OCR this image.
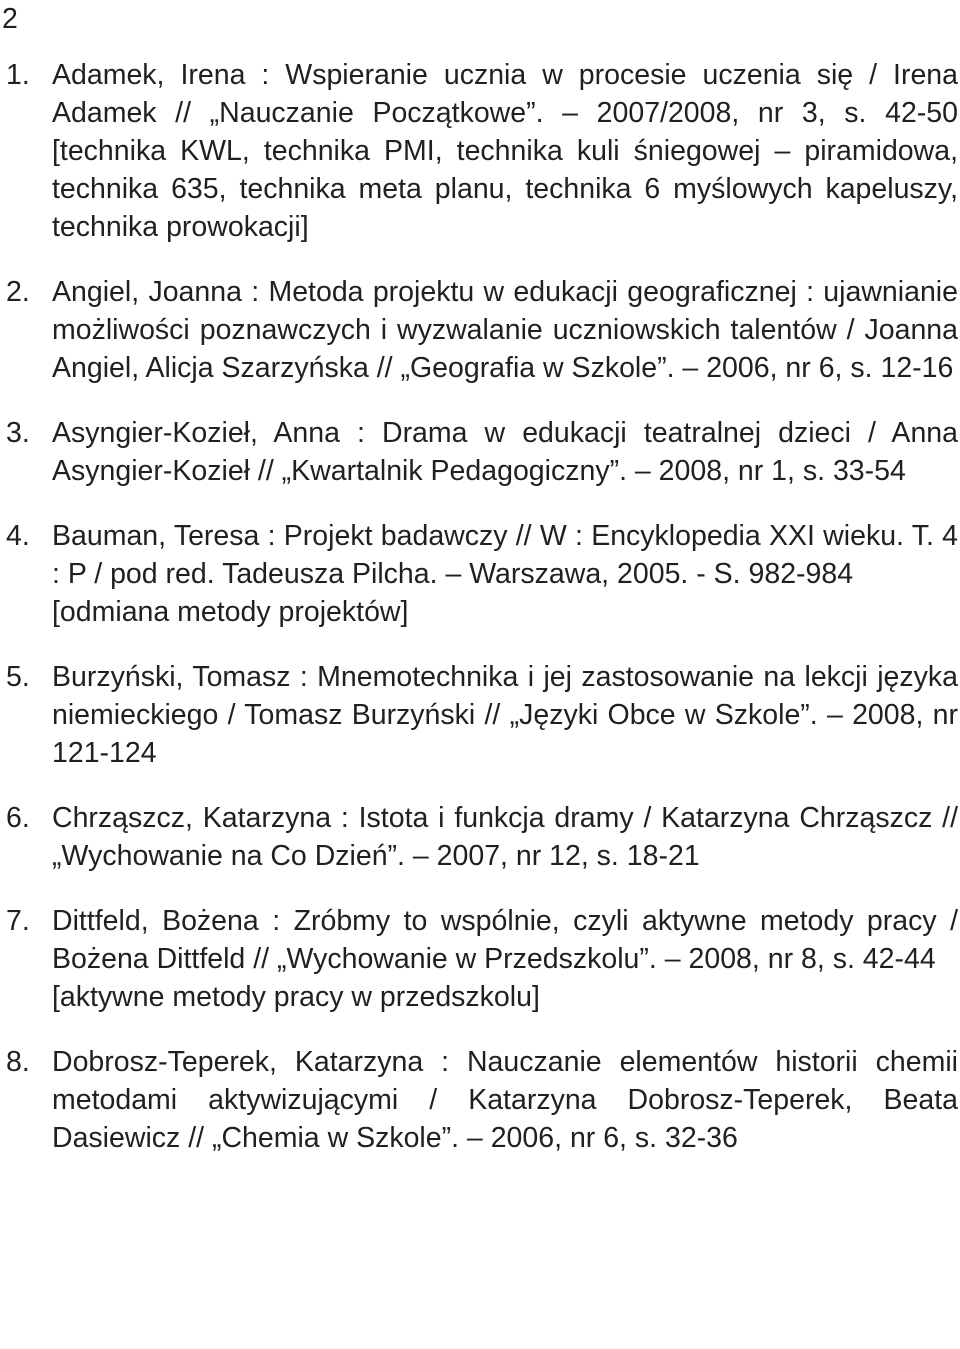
2
1. Adamek, Irena : Wspieranie ucznia w procesie uczenia się / Irena Adamek // „Nauczanie Początkowe”. – 2007/2008, nr 3, s. 42-50 [technika KWL, technika PMI, technika kuli śniegowej – piramidowa, technika 635, technika meta planu, technika 6 myślowych kapeluszy, technika prowokacji]
2. Angiel, Joanna : Metoda projektu w edukacji geograficznej : ujawnianie możliwości poznawczych i wyzwalanie uczniowskich talentów / Joanna Angiel, Alicja Szarzyńska // „Geografia w Szkole”. – 2006, nr 6, s. 12-16
3. Asyngier-Kozieł, Anna : Drama w edukacji teatralnej dzieci / Anna Asyngier-Kozieł // „Kwartalnik Pedagogiczny”. – 2008, nr 1, s. 33-54
4. Bauman, Teresa : Projekt badawczy // W : Encyklopedia XXI wieku. T. 4 : P / pod red. Tadeusza Pilcha. – Warszawa, 2005. - S. 982-984
[odmiana metody projektów]
5. Burzyński, Tomasz : Mnemotechnika i jej zastosowanie na lekcji języka niemieckiego / Tomasz Burzyński // „Języki Obce w Szkole”. – 2008, nr 121-124
6. Chrząszcz, Katarzyna : Istota i funkcja dramy / Katarzyna Chrząszcz // „Wychowanie na Co Dzień”. – 2007, nr 12, s. 18-21
7. Dittfeld, Bożena : Zróbmy to wspólnie, czyli aktywne metody pracy / Bożena Dittfeld // „Wychowanie w Przedszkolu”. – 2008, nr 8, s. 42-44
[aktywne metody pracy w przedszkolu]
8. Dobrosz-Teperek, Katarzyna : Nauczanie elementów historii chemii metodami aktywizującymi / Katarzyna Dobrosz-Teperek, Beata Dasiewicz // „Chemia w Szkole”. – 2006, nr 6, s. 32-36
